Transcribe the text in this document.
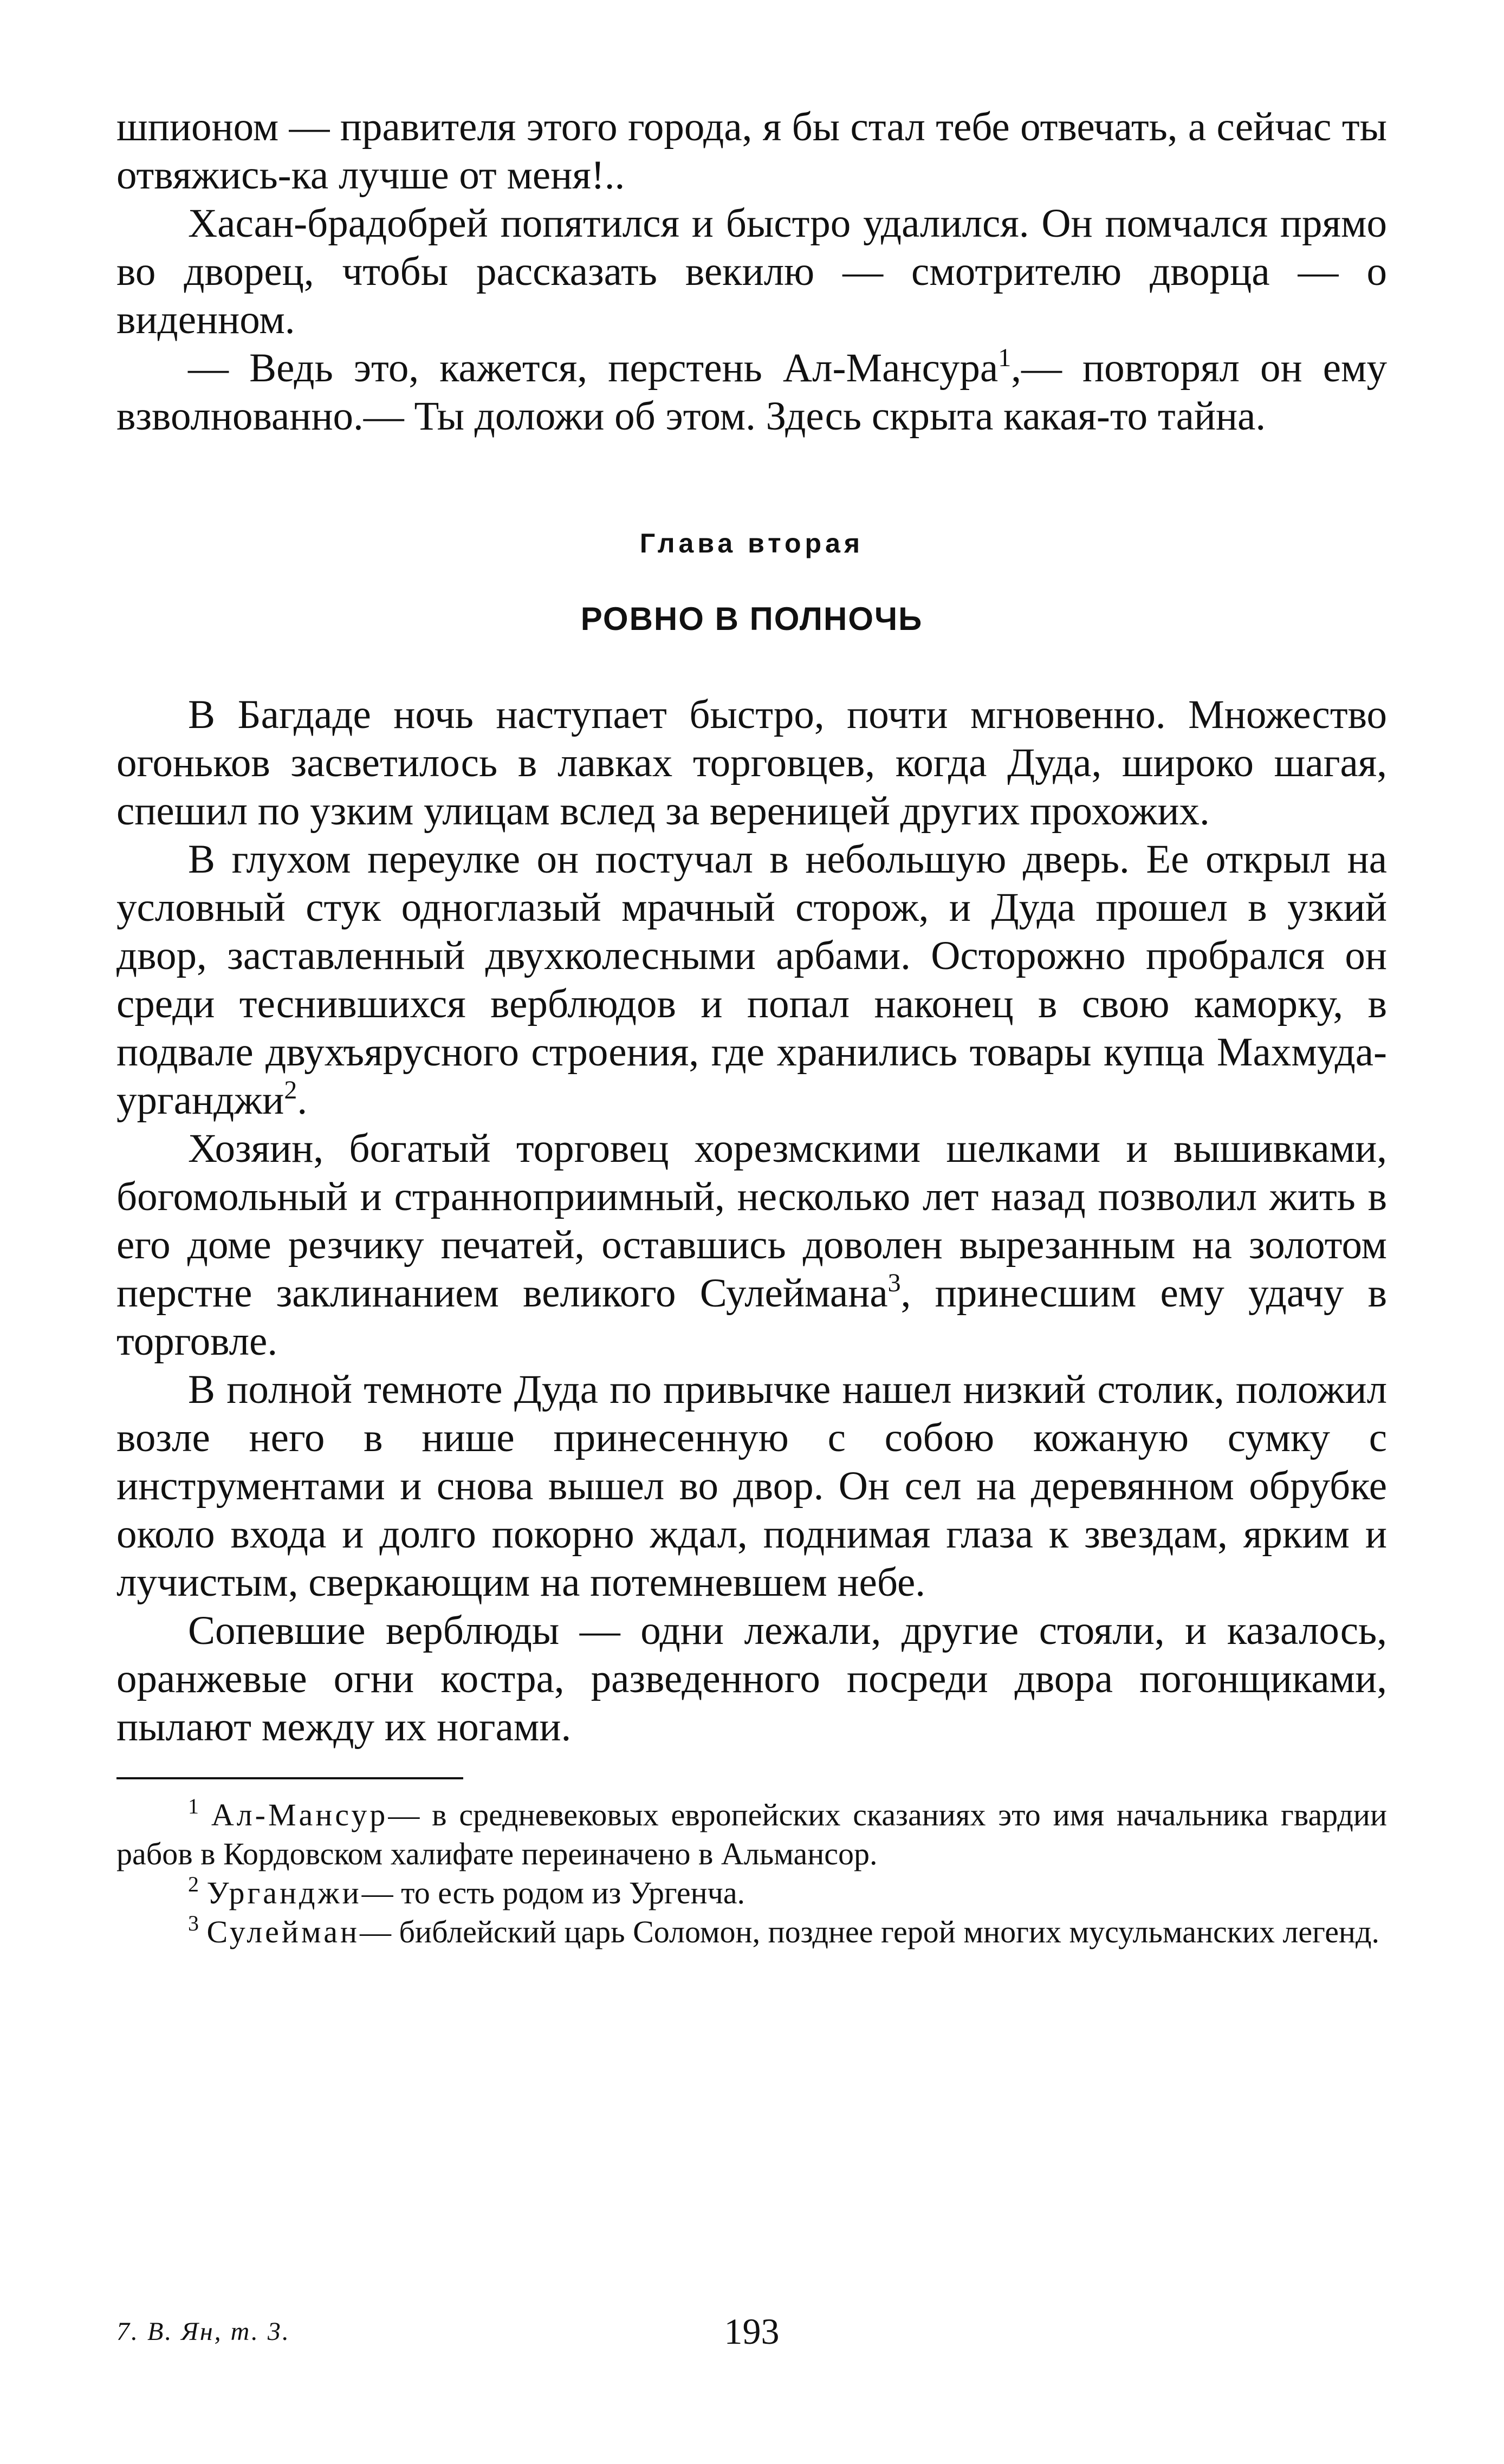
шпионом — правителя этого города, я бы стал тебе отвечать, а сейчас ты отвяжись-ка лучше от меня!..

Хасан-брадобрей попятился и быстро удалился. Он помчался прямо во дворец, чтобы рассказать векилю — смотрителю дворца — о виденном.

— Ведь это, кажется, перстень Ал-Мансура$^1$,— повторял он ему взволнованно.— Ты доложи об этом. Здесь скрыта какая-то тайна.

Глава вторая
РОВНО В ПОЛНОЧЬ

В Багдаде ночь наступает быстро, почти мгновенно. Множество огоньков засветилось в лавках торговцев, когда Дуда, широко шагая, спешил по узким улицам вслед за вереницей других прохожих.

В глухом переулке он постучал в небольшую дверь. Ее открыл на условный стук одноглазый мрачный сторож, и Дуда прошел в узкий двор, заставленный двухколесными арбами. Осторожно пробрался он среди теснившихся верблюдов и попал наконец в свою каморку, в подвале двухъярусного строения, где хранились товары купца Махмуда-урганджи$^2$.

Хозяин, богатый торговец хорезмскими шелками и вышивками, богомольный и странноприимный, несколько лет назад позволил жить в его доме резчику печатей, оставшись доволен вырезанным на золотом перстне заклинанием великого Сулеймана$^3$, принесшим ему удачу в торговле.

В полной темноте Дуда по привычке нашел низкий столик, положил возле него в нише принесенную с собою кожаную сумку с инструментами и снова вышел во двор. Он сел на деревянном обрубке около входа и долго покорно ждал, поднимая глаза к звездам, ярким и лучистым, сверкающим на потемневшем небе.

Сопевшие верблюды — одни лежали, другие стояли, и казалось, оранжевые огни костра, разведенного посреди двора погонщиками, пылают между их ногами.

$^1$ Ал-Мансур— в средневековых европейских сказаниях это имя начальника гвардии рабов в Кордовском халифате переиначено в Альмансор.

$^2$ Урганджи— то есть родом из Ургенча.

$^3$ Сулейман— библейский царь Соломон, позднее герой многих мусульманских легенд.

7. В. Ян, т. 3.	193
